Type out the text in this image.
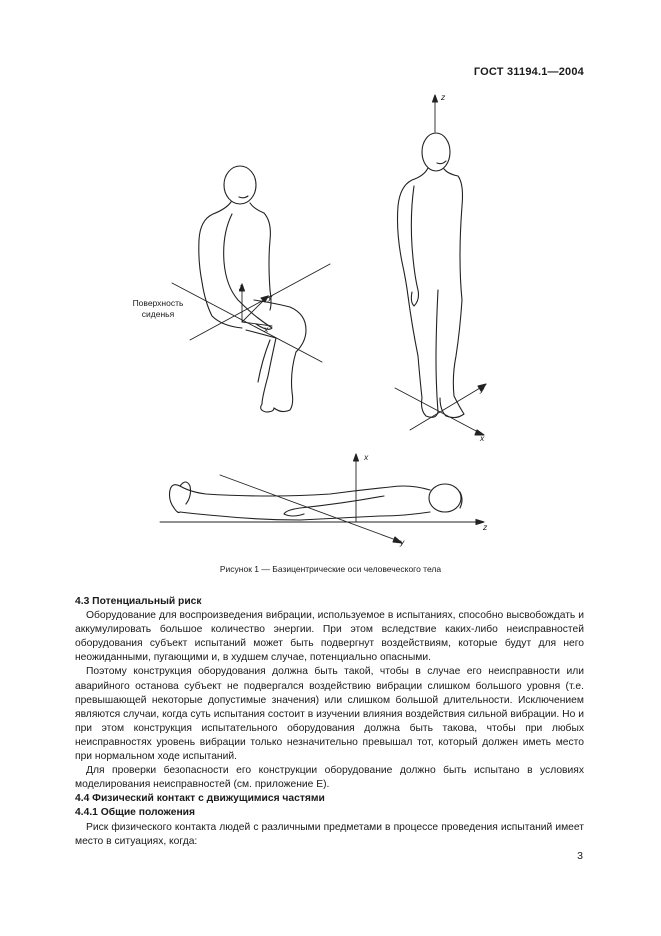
ГОСТ 31194.1—2004
z
y
x
z
y
x
x
z
y
Поверхность
сиденья
Рисунок 1 — Базицентрические оси человеческого тела

4.3 Потенциальный риск

Оборудование для воспроизведения вибрации, используемое в испытаниях, способно высвобождать и аккумулировать большое количество энергии. При этом вследствие каких-либо неисправностей оборудования субъект испытаний может быть подвергнут воздействиям, которые будут для него неожиданными, пугающими и, в худшем случае, потенциально опасными.

Поэтому конструкция оборудования должна быть такой, чтобы в случае его неисправности или аварийного останова субъект не подвергался воздействию вибрации слишком большого уровня (т.е. превышающей некоторые допустимые значения) или слишком большой длительности. Исключением являются случаи, когда суть испытания состоит в изучении влияния воздействия сильной вибрации. Но и при этом конструкция испытательного оборудования должна быть такова, чтобы при любых неисправностях уровень вибрации только незначительно превышал тот, который должен иметь место при нормальном ходе испытаний.

Для проверки безопасности его конструкции оборудование должно быть испытано в условиях моделирования неисправностей (см. приложение Е).

4.4 Физический контакт с движущимися частями

4.4.1 Общие положения

Риск физического контакта людей с различными предметами в процессе проведения испытаний имеет место в ситуациях, когда:

3
